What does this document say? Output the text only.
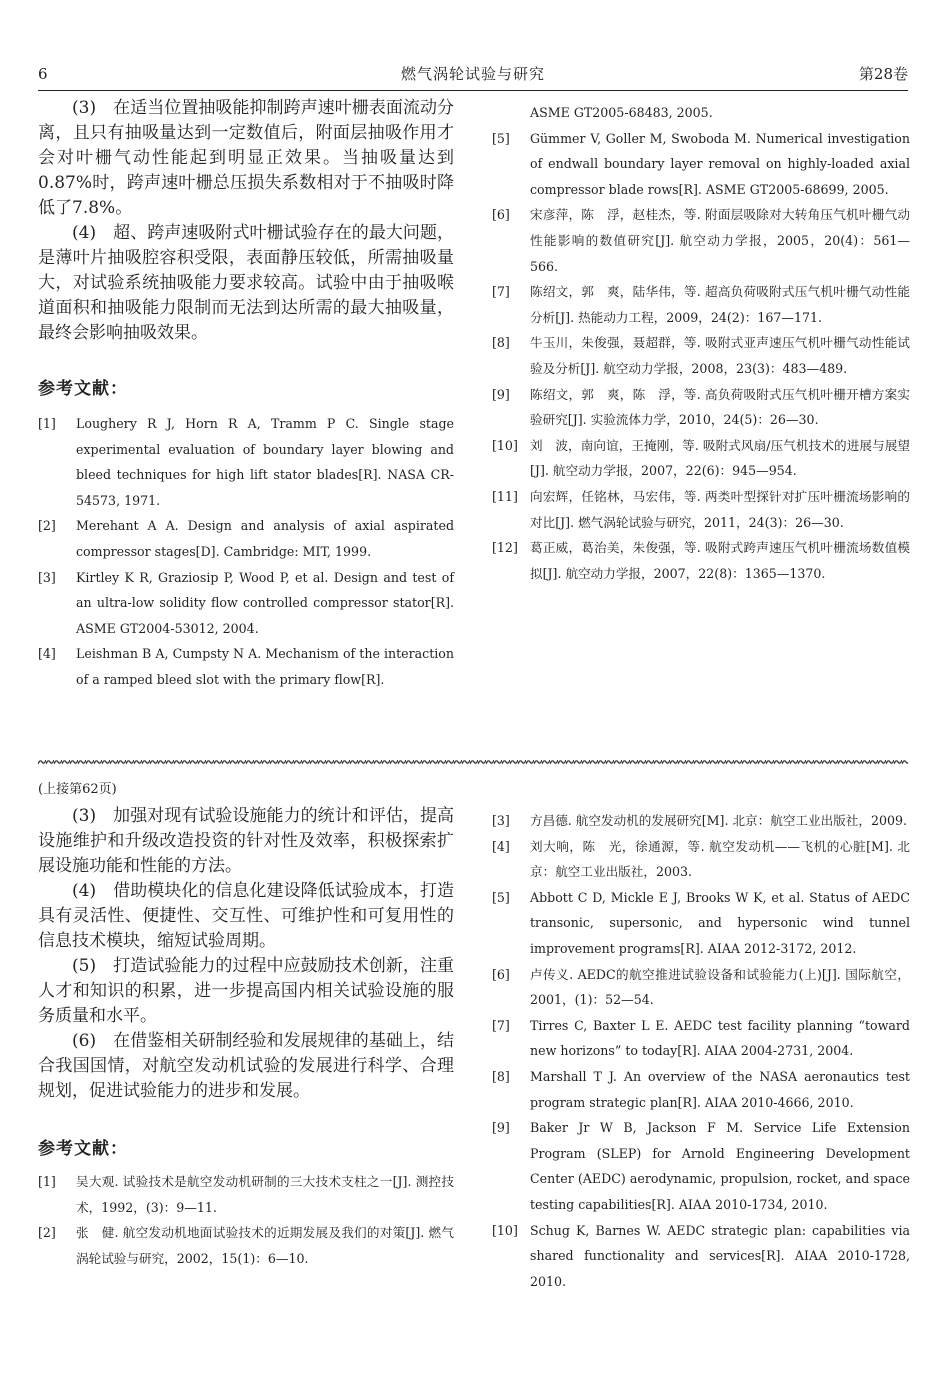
燃气涡轮试验与研究
6	第28卷

(3)　在适当位置抽吸能抑制跨声速叶栅表面流动分离，且只有抽吸量达到一定数值后，附面层抽吸作用才会对叶栅气动性能起到明显正效果。当抽吸量达到0.87%时，跨声速叶栅总压损失系数相对于不抽吸时降低了7.8%。

(4)　超、跨声速吸附式叶栅试验存在的最大问题，是薄叶片抽吸腔容积受限，表面静压较低，所需抽吸量大，对试验系统抽吸能力要求较高。试验中由于抽吸喉道面积和抽吸能力限制而无法到达所需的最大抽吸量，最终会影响抽吸效果。

参考文献：

[1] Loughery R J, Horn R A, Tramm P C. Single stage experimental evaluation of boundary layer blowing and bleed techniques for high lift stator blades[R]. NASA CR-54573, 1971.
[2] Merehant A A. Design and analysis of axial aspirated compressor stages[D]. Cambridge: MIT, 1999.
[3] Kirtley K R, Graziosip P, Wood P, et al. Design and test of an ultra-low solidity flow controlled compressor stator[R]. ASME GT2004-53012, 2004.
[4] Leishman B A, Cumpsty N A. Mechanism of the interaction of a ramped bleed slot with the primary flow[R].

ASME GT2005-68483, 2005.

[5] Gümmer V, Goller M, Swoboda M. Numerical investigation of endwall boundary layer removal on highly-loaded axial compressor blade rows[R]. ASME GT2005-68699, 2005.
[6] 宋彦萍，陈　浮，赵桂杰，等. 附面层吸除对大转角压气机叶栅气动性能影响的数值研究[J]. 航空动力学报，2005，20(4)：561—566.
[7] 陈绍文，郭　爽，陆华伟，等. 超高负荷吸附式压气机叶栅气动性能分析[J]. 热能动力工程，2009，24(2)：167—171.
[8] 牛玉川，朱俊强，聂超群，等. 吸附式亚声速压气机叶栅气动性能试验及分析[J]. 航空动力学报，2008，23(3)：483—489.
[9] 陈绍文，郭　爽，陈　浮，等. 高负荷吸附式压气机叶栅开槽方案实验研究[J]. 实验流体力学，2010，24(5)：26—30.
[10] 刘　波，南向谊，王掩刚，等. 吸附式风扇/压气机技术的进展与展望[J]. 航空动力学报，2007，22(6)：945—954.
[11] 向宏辉，任铭林，马宏伟，等. 两类叶型探针对扩压叶栅流场影响的对比[J]. 燃气涡轮试验与研究，2011，24(3)：26—30.
[12] 葛正威，葛治美，朱俊强，等. 吸附式跨声速压气机叶栅流场数值模拟[J]. 航空动力学报，2007，22(8)：1365—1370.

(上接第62页)

(3)　加强对现有试验设施能力的统计和评估，提高设施维护和升级改造投资的针对性及效率，积极探索扩展设施功能和性能的方法。

(4)　借助模块化的信息化建设降低试验成本，打造具有灵活性、便捷性、交互性、可维护性和可复用性的信息技术模块，缩短试验周期。

(5)　打造试验能力的过程中应鼓励技术创新，注重人才和知识的积累，进一步提高国内相关试验设施的服务质量和水平。

(6)　在借鉴相关研制经验和发展规律的基础上，结合我国国情，对航空发动机试验的发展进行科学、合理规划，促进试验能力的进步和发展。

参考文献：

[1] 吴大观. 试验技术是航空发动机研制的三大技术支柱之一[J]. 测控技术，1992，(3)：9—11.
[2] 张　健. 航空发动机地面试验技术的近期发展及我们的对策[J]. 燃气涡轮试验与研究，2002，15(1)：6—10.
[3] 方昌德. 航空发动机的发展研究[M]. 北京：航空工业出版社，2009.
[4] 刘大响，陈　光，徐通源，等. 航空发动机——飞机的心脏[M]. 北京：航空工业出版社，2003.
[5] Abbott C D, Mickle E J, Brooks W K, et al. Status of AEDC transonic, supersonic, and hypersonic wind tunnel improvement programs[R]. AIAA 2012-3172, 2012.
[6] 卢传义. AEDC的航空推进试验设备和试验能力(上)[J]. 国际航空，2001，(1)：52—54.
[7] Tirres C, Baxter L E. AEDC test facility planning “toward new horizons” to today[R]. AIAA 2004-2731, 2004.
[8] Marshall T J. An overview of the NASA aeronautics test program strategic plan[R]. AIAA 2010-4666, 2010.
[9] Baker Jr W B, Jackson F M. Service Life Extension Program (SLEP) for Arnold Engineering Development Center (AEDC) aerodynamic, propulsion, rocket, and space testing capabilities[R]. AIAA 2010-1734, 2010.
[10] Schug K, Barnes W. AEDC strategic plan: capabilities via shared functionality and services[R]. AIAA 2010-1728, 2010.
